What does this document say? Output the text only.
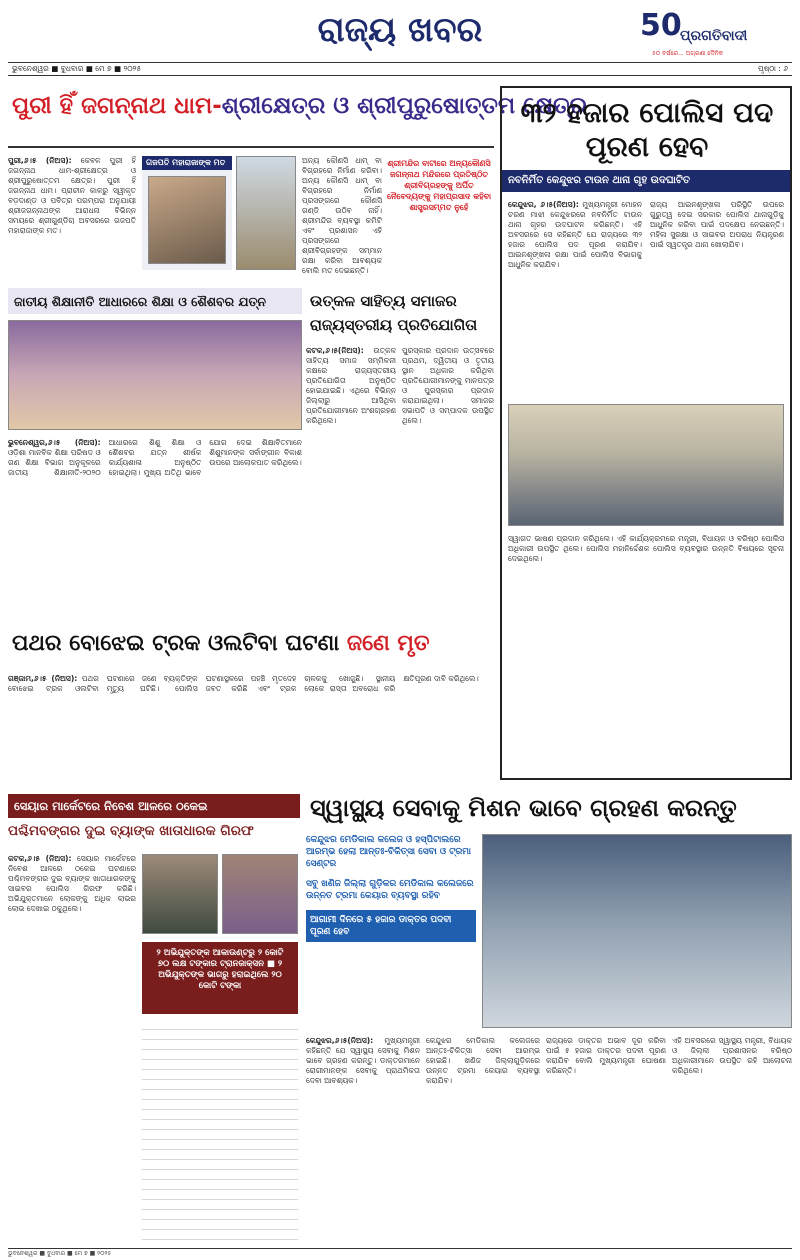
ରାଜ୍ୟ ଖବର	50
ପ୍ରଗତିବାଦୀ
୫୦ ବର୍ଷରେ... ଅଗ୍ରଣୀ ଦୈନିକ
ଭୁବନେଶ୍ୱର ■ ବୁଧବାର ■ ମେ ୭ ■ ୨୦୨୫	ପୃଷ୍ଠା : ୬
ପୁରୀ ହିଁ ଜଗନ୍ନାଥ ଧାମ-ଶ୍ରୀକ୍ଷେତ୍ର ଓ ଶ୍ରୀପୁରୁଷୋତ୍ତମ କ୍ଷେତ୍ର
ପୁରୀ,୬।୫ (ନିଅସ): କେବଳ ପୁରୀ ହିଁ ଜଗନ୍ନାଥ ଧାମ-ଶ୍ରୀକ୍ଷେତ୍ର ଓ ଶ୍ରୀପୁରୁଷୋତ୍ତମ କ୍ଷେତ୍ର। ପୁରୀ ହିଁ ଜଗନ୍ନାଥ ଧାମ। ପ୍ରାଚୀନ କାଳରୁ ସ୍ୱୀକୃତ ବଡ଼ଦାଣ୍ଡ ଓ ପବିତ୍ର ପରମ୍ପରା ଅନୁଯାୟୀ ଶ୍ରୀଜଗନ୍ନାଥଙ୍କ ଆରାଧନା ବିଭିନ୍ନ ସମୟରେ ଶ୍ରୀଗୁଣ୍ଡିଚା ଅବସରରେ ଗଜପତି ମହାରାଜାଙ୍କ ମତ।
ଗଜପତି ମହାରାଜାଙ୍କ ମତ	ଅନ୍ୟ କୌଣସି ଧାମ୍ ବା ବିଗ୍ରହରେ ନିର୍ମାଣ କରିବା। ଅନ୍ୟ କୌଣସି ଧାମ୍ ବା ବିଗ୍ରହରେ ନିର୍ମାଣ ପ୍ରସଙ୍ଗରେ କୌଣସି ଗଣ୍ଡି ଉଠିବ ନାହିଁ। ଶ୍ରୀମନ୍ଦିର ବ୍ୟବସ୍ଥା କମିଟି ଏବଂ ପ୍ରଶାସନ ଏହି ପ୍ରସଙ୍ଗରେ ଶ୍ରୀବିଗ୍ରହଙ୍କ ସମ୍ମାନ ରକ୍ଷା କରିବା ଆବଶ୍ୟକ ବୋଲି ମତ ଦେଇଛନ୍ତି।
ଶ୍ରୀମନ୍ଦିର ବାଟୀରେ ଅନ୍ୟକୌଣସି ଜଗନ୍ନାଥ ମନ୍ଦିରରେ ପ୍ରତିଷ୍ଠିତ ଶ୍ରୀବିଗ୍ରହଙ୍କୁ ଅର୍ପିତ ନୈବେଦ୍ୟଙ୍କୁ ମହାପ୍ରସାଦ କହିବା ଶାସ୍ତ୍ରସମ୍ମତ ନୁହେଁ
୩୨ ହଜାର ପୋଲିସ ପଦ ପୂରଣ ହେବ
ନବନିର୍ମିତ କେନ୍ଦୁଝର ଟାଉନ ଥାନା ଗୃହ ଉଦଘାଟିତ
କେନ୍ଦୁଝର, ୬।୫(ନିଅସ): ମୁଖ୍ୟମନ୍ତ୍ରୀ ମୋହନ ଚରଣ ମାଝୀ କେନ୍ଦୁଝରରେ ନବନିର୍ମିତ ଟାଉନ ଥାନା ଗୃହର ଉଦଘାଟନ କରିଛନ୍ତି। ଏହି ଅବସରରେ ସେ କହିଛନ୍ତି ଯେ ରାଜ୍ୟରେ ୩୨ ହଜାର ପୋଲିସ ପଦ ପୂରଣ କରାଯିବ। ଆଇନଶୃଙ୍ଖଳା ରକ୍ଷା ପାଇଁ ପୋଲିସ ବିଭାଗକୁ ଆଧୁନିକ କରାଯିବ।
ରାଜ୍ୟ ଆଇନଶୃଙ୍ଖଳା ପରିସ୍ଥିତି ଉପରେ ଗୁରୁତ୍ୱ ଦେଇ ସରକାର ପୋଲିସ ଥାନାଗୁଡ଼ିକୁ ଆଧୁନିକ କରିବା ପାଇଁ ପଦକ୍ଷେପ ନେଇଛନ୍ତି। ମହିଳା ସୁରକ୍ଷା ଓ ସାଇବର ଅପରାଧ ନିୟନ୍ତ୍ରଣ ପାଇଁ ସ୍ୱତନ୍ତ୍ର ଥାନା ଖୋଲାଯିବ।
ସ୍ୱାଗତ ଭାଷଣ ପ୍ରଦାନ କରିଥିଲେ। ଏହି କାର୍ଯ୍ୟକ୍ରମରେ ମନ୍ତ୍ରୀ, ବିଧାୟକ ଓ ବରିଷ୍ଠ ପୋଲିସ ଅଧିକାରୀ ଉପସ୍ଥିତ ଥିଲେ। ପୋଲିସ ମହାନିର୍ଦ୍ଦେଶକ ପୋଲିସ ବ୍ୟବସ୍ଥାର ଉନ୍ନତି ବିଷୟରେ ସୂଚନା ଦେଇଥିଲେ।
ଜାତୀୟ ଶିକ୍ଷାନୀତି ଆଧାରରେ ଶିକ୍ଷା ଓ ଶୈଶବର ଯତ୍ନ
ଭୁବନେଶ୍ୱର,୬।୫ (ନିଅସ): ଓଡ଼ିଶା ମାନବିକ ଶିକ୍ଷା ପରିଷଦ ଓ ଗଣ ଶିକ୍ଷା ବିଭାଗ ଅନୁକୂଳରେ ଜାତୀୟ ଶିକ୍ଷାନୀତି-୨୦୨୦ ଆଧାରରେ ଶିଶୁ ଶିକ୍ଷା ଓ ଶୈଶବର ଯତ୍ନ ଶୀର୍ଷକ କାର୍ଯ୍ୟଶାଳା ଅନୁଷ୍ଠିତ ହୋଇଥିଲା। ମୁଖ୍ୟ ଅତିଥି ଭାବେ ଯୋଗ ଦେଇ ଶିକ୍ଷାବିତମାନେ ଶିଶୁମାନଙ୍କ ସର୍ବାଙ୍ଗୀନ ବିକାଶ ଉପରେ ଆଲୋକପାତ କରିଥିଲେ।
ଉତ୍କଳ ସାହିତ୍ୟ ସମାଜର
ରାଜ୍ୟସ୍ତରୀୟ ପ୍ରତିଯୋଗିତା
କଟକ,୬।୫(ନିଅସ): ଉତ୍କଳ ସାହିତ୍ୟ ସମାଜ ସମ୍ମିଳନୀ କକ୍ଷରେ ରାଜ୍ୟସ୍ତରୀୟ ପ୍ରତିଯୋଗିତା ଅନୁଷ୍ଠିତ ହୋଇଯାଇଛି। ଏଥିରେ ବିଭିନ୍ନ ଜିଲ୍ଲାରୁ ଆସିଥିବା ପ୍ରତିଯୋଗୀମାନେ ଅଂଶଗ୍ରହଣ କରିଥିଲେ।
ପୁରସ୍କାର ପ୍ରଦାନ ଉତ୍ସବରେ ପ୍ରଥମ, ଦ୍ୱିତୀୟ ଓ ତୃତୀୟ ସ୍ଥାନ ଅଧିକାର କରିଥିବା ପ୍ରତିଯୋଗୀମାନଙ୍କୁ ମାନପତ୍ର ଓ ପୁରସ୍କାର ପ୍ରଦାନ କରାଯାଇଥିଲା। ସମାଜର ସଭାପତି ଓ ସମ୍ପାଦକ ଉପସ୍ଥିତ ଥିଲେ।
ପଥର ବୋଝେଇ ଟ୍ରକ ଓଲଟିବା ଘଟଣା ଜଣେ ମୃତ
ଗଞ୍ଜାମ,୬।୫ (ନିଅସ): ପଥର ବୋଝେଇ ଟ୍ରକ ଓଲଟିବା ଘଟଣାରେ ଜଣେ ବ୍ୟକ୍ତିଙ୍କ ମୃତ୍ୟୁ ଘଟିଛି। ପୋଲିସ ଘଟଣାସ୍ଥଳରେ ପହଞ୍ଚି ମୃତଦେହ ଜବତ କରିଛି ଏବଂ ଟ୍ରକ ଚାଳକକୁ ଖୋଜୁଛି। ସ୍ଥାନୀୟ ଲୋକେ ରାସ୍ତା ଅବରୋଧ କରି କ୍ଷତିପୂରଣ ଦାବି କରିଥିଲେ।
ସେୟାର ମାର୍କେଟରେ ନିବେଶ ଆଳରେ ଠକେଇ
ପଶ୍ଚିମବଙ୍ଗର ଦୁଇ ବ୍ୟାଙ୍କ ଖାତାଧାରକ ଗିରଫ
କଟକ,୬।୫ (ନିଅସ): ସେୟାର ମାର୍କେଟରେ ନିବେଶ ଆଳରେ ଠକେଇ ଘଟଣାରେ ପଶ୍ଚିମବଙ୍ଗର ଦୁଇ ବ୍ୟାଙ୍କ ଖାତାଧାରକଙ୍କୁ ସାଇବର ପୋଲିସ ଗିରଫ କରିଛି। ଅଭିଯୁକ୍ତମାନେ ଲୋକଙ୍କୁ ଅଧିକ ଲାଭର ଲୋଭ ଦେଖାଇ ଠକୁଥିଲେ।
୨ ଅଭିଯୁକ୍ତଙ୍କ ଆକାଉଣ୍ଟରୁ ୨ କୋଟି ୭୦ ଲକ୍ଷ ଟଙ୍କାର ଟ୍ରାନଜାକ୍ସନ ■ ୨ ଅଭିଯୁକ୍ତଙ୍କ ଭାଗରୁ ହରାଇଥିଲେ ୨୦ କୋଟି ଟଙ୍କା
ସ୍ୱାସ୍ଥ୍ୟ ସେବାକୁ ମିଶନ ଭାବେ ଗ୍ରହଣ କରନ୍ତୁ
କେନ୍ଦୁଝର ମେଡିକାଲ କଲେଜ ଓ ହସ୍ପିଟାଲରେ ଆରମ୍ଭ ହେଲା ଆନ୍ତଃ-ବିକିତ୍ସା ସେବା ଓ ଟ୍ରମା ସେଣ୍ଟର
ସବୁ ଖଣିଜ ଜିଲ୍ଲା ଗୁଡ଼ିକର ମେଡିକାଲ କଲେଜରେ ଉନ୍ନତ ଟ୍ରମା କେୟାର ବ୍ୟବସ୍ଥା ରହିବ
ଆଗାମୀ ଦିନରେ ୫ ହଜାର ଡାକ୍ତର ପଦବୀ ପୂରଣ ହେବ
କେନ୍ଦୁଝର,୬।୫(ନିଅସ): ମୁଖ୍ୟମନ୍ତ୍ରୀ କହିଛନ୍ତି ଯେ ସ୍ୱାସ୍ଥ୍ୟ ସେବାକୁ ମିଶନ ଭାବେ ଗ୍ରହଣ କରନ୍ତୁ। ଡାକ୍ତରମାନେ ରୋଗୀମାନଙ୍କ ସେବାକୁ ପ୍ରାଥମିକତା ଦେବା ଆବଶ୍ୟକ।
କେନ୍ଦୁଝର ମେଡିକାଲ କଲେଜରେ ଆନ୍ତଃ-ଚିକିତ୍ସା ସେବା ଆରମ୍ଭ ହୋଇଛି। ଖଣିଜ ଜିଲ୍ଲାଗୁଡ଼ିକରେ ଉନ୍ନତ ଟ୍ରମା କେୟାର ବ୍ୟବସ୍ଥା କରାଯିବ।
ରାଜ୍ୟରେ ଡାକ୍ତର ଅଭାବ ଦୂର କରିବା ପାଇଁ ୫ ହଜାର ଡାକ୍ତର ପଦବୀ ପୂରଣ କରାଯିବ ବୋଲି ମୁଖ୍ୟମନ୍ତ୍ରୀ ଘୋଷଣା କରିଛନ୍ତି।
ଏହି ଅବସରରେ ସ୍ୱାସ୍ଥ୍ୟ ମନ୍ତ୍ରୀ, ବିଧାୟକ ଓ ଜିଲ୍ଲା ପ୍ରଶାସନର ବରିଷ୍ଠ ଅଧିକାରୀମାନେ ଉପସ୍ଥିତ ରହି ଆଲୋଚନା କରିଥିଲେ।
ଭୁବନେଶ୍ୱର ■ ବୁଧବାର ■ ମେ ୭ ■ ୨୦୨୫
